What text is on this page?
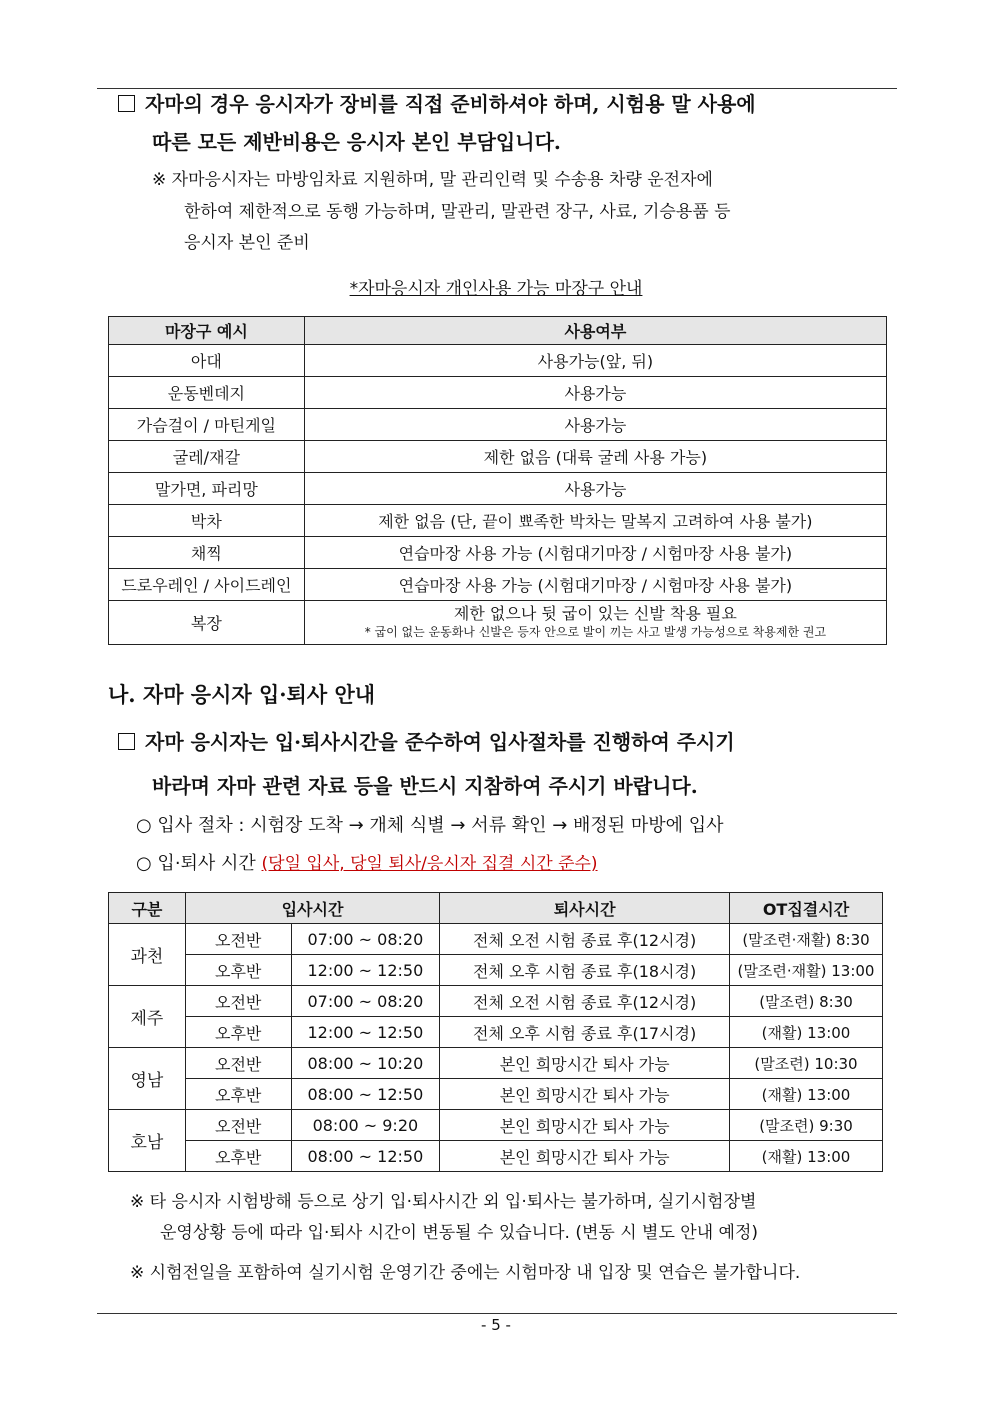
자마의 경우 응시자가 장비를 직접 준비하셔야 하며, 시험용 말 사용에
따른 모든 제반비용은 응시자 본인 부담입니다.
※ 자마응시자는 마방임차료 지원하며, 말 관리인력 및 수송용 차량 운전자에
한하여 제한적으로 동행 가능하며, 말관리, 말관련 장구, 사료, 기승용품 등
응시자 본인 준비
*자마응시자 개인사용 가능 마장구 안내
마장구 예시	사용여부
아대	사용가능(앞, 뒤)
운동벤데지	사용가능
가슴걸이 / 마틴게일	사용가능
굴레/재갈	제한 없음 (대륙 굴레 사용 가능)
말가면, 파리망	사용가능
박차	제한 없음 (단, 끝이 뾰족한 박차는 말복지 고려하여 사용 불가)
채찍	연습마장 사용 가능 (시험대기마장 / 시험마장 사용 불가)
드로우레인 / 사이드레인	연습마장 사용 가능 (시험대기마장 / 시험마장 사용 불가)
복장	제한 없으나 뒷 굽이 있는 신발 착용 필요
* 굽이 없는 운동화나 신발은 등자 안으로 발이 끼는 사고 발생 가능성으로 착용제한 권고
나. 자마 응시자 입·퇴사 안내
자마 응시자는 입·퇴사시간을 준수하여 입사절차를 진행하여 주시기
바라며 자마 관련 자료 등을 반드시 지참하여 주시기 바랍니다.
○ 입사 절차 : 시험장 도착 → 개체 식별 → 서류 확인 → 배정된 마방에 입사
○ 입·퇴사 시간 (당일 입사, 당일 퇴사/응시자 집결 시간 준수)
구분	입사시간		퇴사시간	OT집결시간
과천	오전반	07:00 ~ 08:20	전체 오전 시험 종료 후(12시경)	(말조련·재활) 8:30
	오후반	12:00 ~ 12:50	전체 오후 시험 종료 후(18시경)	(말조련·재활) 13:00
제주	오전반	07:00 ~ 08:20	전체 오전 시험 종료 후(12시경)	(말조련) 8:30
	오후반	12:00 ~ 12:50	전체 오후 시험 종료 후(17시경)	(재활) 13:00
영남	오전반	08:00 ~ 10:20	본인 희망시간 퇴사 가능	(말조련) 10:30
	오후반	08:00 ~ 12:50	본인 희망시간 퇴사 가능	(재활) 13:00
호남	오전반	08:00 ~ 9:20	본인 희망시간 퇴사 가능	(말조련) 9:30
	오후반	08:00 ~ 12:50	본인 희망시간 퇴사 가능	(재활) 13:00
※ 타 응시자 시험방해 등으로 상기 입·퇴사시간 외 입·퇴사는 불가하며, 실기시험장별
운영상황 등에 따라 입·퇴사 시간이 변동될 수 있습니다. (변동 시 별도 안내 예정)
※ 시험전일을 포함하여 실기시험 운영기간 중에는 시험마장 내 입장 및 연습은 불가합니다.
- 5 -
